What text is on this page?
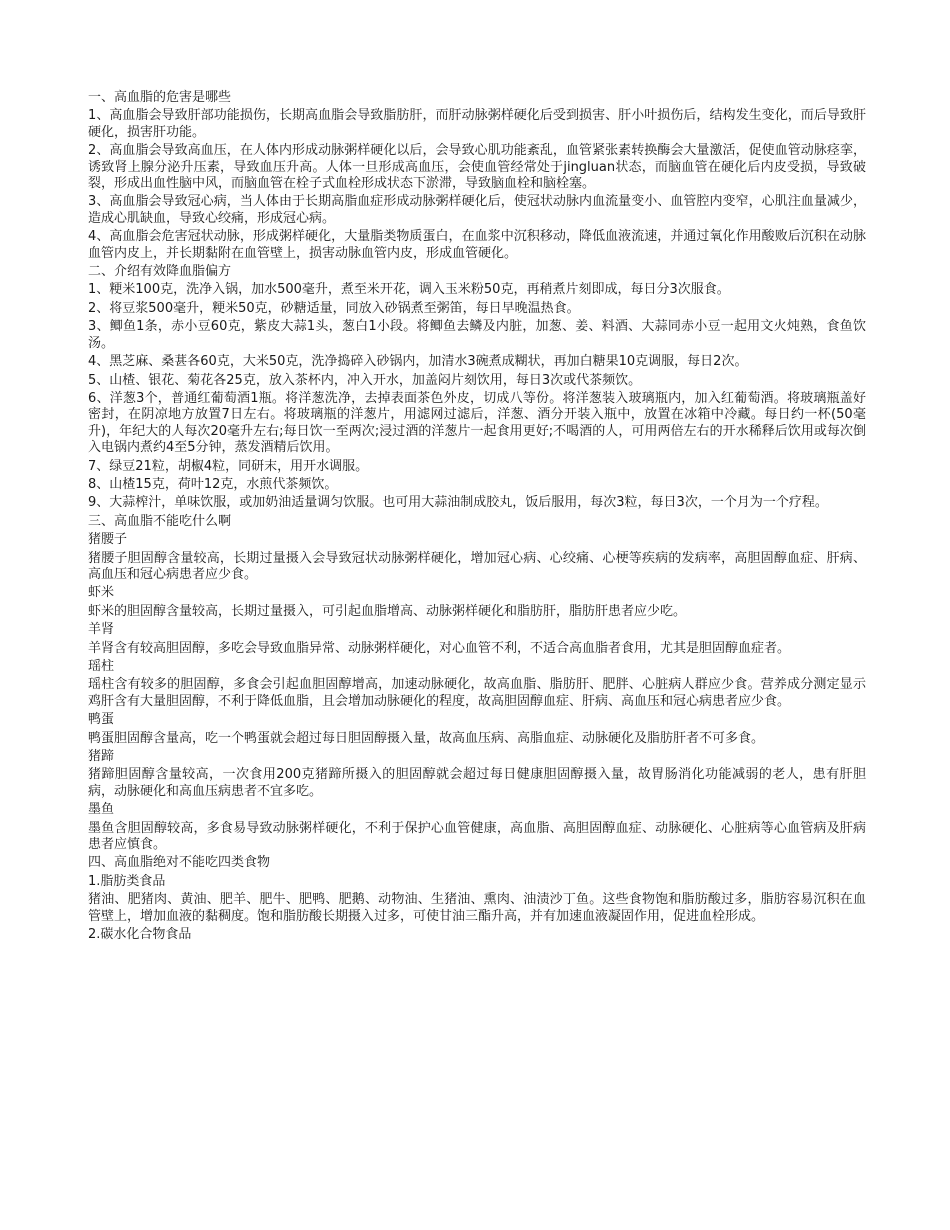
一、高血脂的危害是哪些

1、高血脂会导致肝部功能损伤，长期高血脂会导致脂肪肝，而肝动脉粥样硬化后受到损害、肝小叶损伤后，结构发生变化，而后导致肝硬化，损害肝功能。

2、高血脂会导致高血压，在人体内形成动脉粥样硬化以后，会导致心肌功能紊乱，血管紧张素转换酶会大量激活，促使血管动脉痉挛，诱致肾上腺分泌升压素，导致血压升高。人体一旦形成高血压，会使血管经常处于jingluan状态，而脑血管在硬化后内皮受损，导致破裂，形成出血性脑中风，而脑血管在栓子式血栓形成状态下淤滞，导致脑血栓和脑栓塞。

3、高血脂会导致冠心病，当人体由于长期高脂血症形成动脉粥样硬化后，使冠状动脉内血流量变小、血管腔内变窄，心肌注血量减少，造成心肌缺血，导致心绞痛，形成冠心病。

4、高血脂会危害冠状动脉，形成粥样硬化，大量脂类物质蛋白，在血浆中沉积移动，降低血液流速，并通过氧化作用酸败后沉积在动脉血管内皮上，并长期黏附在血管壁上，损害动脉血管内皮，形成血管硬化。

二、介绍有效降血脂偏方

1、粳米100克，洗净入锅，加水500毫升，煮至米开花，调入玉米粉50克，再稍煮片刻即成，每日分3次服食。

2、将豆浆500毫升，粳米50克，砂糖适量，同放入砂锅煮至粥笛，每日早晚温热食。

3、鲫鱼1条，赤小豆60克，紫皮大蒜1头，葱白1小段。将鲫鱼去鳞及内脏，加葱、姜、料酒、大蒜同赤小豆一起用文火炖熟，食鱼饮汤。

4、黑芝麻、桑葚各60克，大米50克，洗净捣碎入砂锅内，加清水3碗煮成糊状，再加白糖果10克调服，每日2次。

5、山楂、银花、菊花各25克，放入茶杯内，冲入开水，加盖闷片刻饮用，每日3次或代茶频饮。

6、洋葱3个，普通红葡萄酒1瓶。将洋葱洗净，去掉表面茶色外皮，切成八等份。将洋葱装入玻璃瓶内，加入红葡萄酒。将玻璃瓶盖好密封，在阴凉地方放置7日左右。将玻璃瓶的洋葱片，用滤网过滤后，洋葱、酒分开装入瓶中，放置在冰箱中冷藏。每日约一杯(50毫升)，年纪大的人每次20毫升左右;每日饮一至两次;浸过酒的洋葱片一起食用更好;不喝酒的人，可用两倍左右的开水稀释后饮用或每次倒入电锅内煮约4至5分钟，蒸发酒精后饮用。

7、绿豆21粒，胡椒4粒，同研末，用开水调服。

8、山楂15克，荷叶12克，水煎代茶频饮。

9、大蒜榨汁，单味饮服，或加奶油适量调匀饮服。也可用大蒜油制成胶丸，饭后服用，每次3粒，每日3次，一个月为一个疗程。

三、高血脂不能吃什么啊

猪腰子

猪腰子胆固醇含量较高，长期过量摄入会导致冠状动脉粥样硬化，增加冠心病、心绞痛、心梗等疾病的发病率，高胆固醇血症、肝病、高血压和冠心病患者应少食。

虾米

虾米的胆固醇含量较高，长期过量摄入，可引起血脂增高、动脉粥样硬化和脂肪肝，脂肪肝患者应少吃。

羊肾

羊肾含有较高胆固醇，多吃会导致血脂异常、动脉粥样硬化，对心血管不利，不适合高血脂者食用，尤其是胆固醇血症者。

瑶柱

瑶柱含有较多的胆固醇，多食会引起血胆固醇增高，加速动脉硬化，故高血脂、脂肪肝、肥胖、心脏病人群应少食。营养成分测定显示鸡肝含有大量胆固醇，不利于降低血脂，且会增加动脉硬化的程度，故高胆固醇血症、肝病、高血压和冠心病患者应少食。

鸭蛋

鸭蛋胆固醇含量高，吃一个鸭蛋就会超过每日胆固醇摄入量，故高血压病、高脂血症、动脉硬化及脂肪肝者不可多食。

猪蹄

猪蹄胆固醇含量较高，一次食用200克猪蹄所摄入的胆固醇就会超过每日健康胆固醇摄入量，故胃肠消化功能减弱的老人，患有肝胆病，动脉硬化和高血压病患者不宜多吃。

墨鱼

墨鱼含胆固醇较高，多食易导致动脉粥样硬化，不利于保护心血管健康，高血脂、高胆固醇血症、动脉硬化、心脏病等心血管病及肝病患者应慎食。

四、高血脂绝对不能吃四类食物

1.脂肪类食品

猪油、肥猪肉、黄油、肥羊、肥牛、肥鸭、肥鹅、动物油、生猪油、熏肉、油渍沙丁鱼。这些食物饱和脂肪酸过多，脂肪容易沉积在血管壁上，增加血液的黏稠度。饱和脂肪酸长期摄入过多，可使甘油三酯升高，并有加速血液凝固作用，促进血栓形成。

2.碳水化合物食品
